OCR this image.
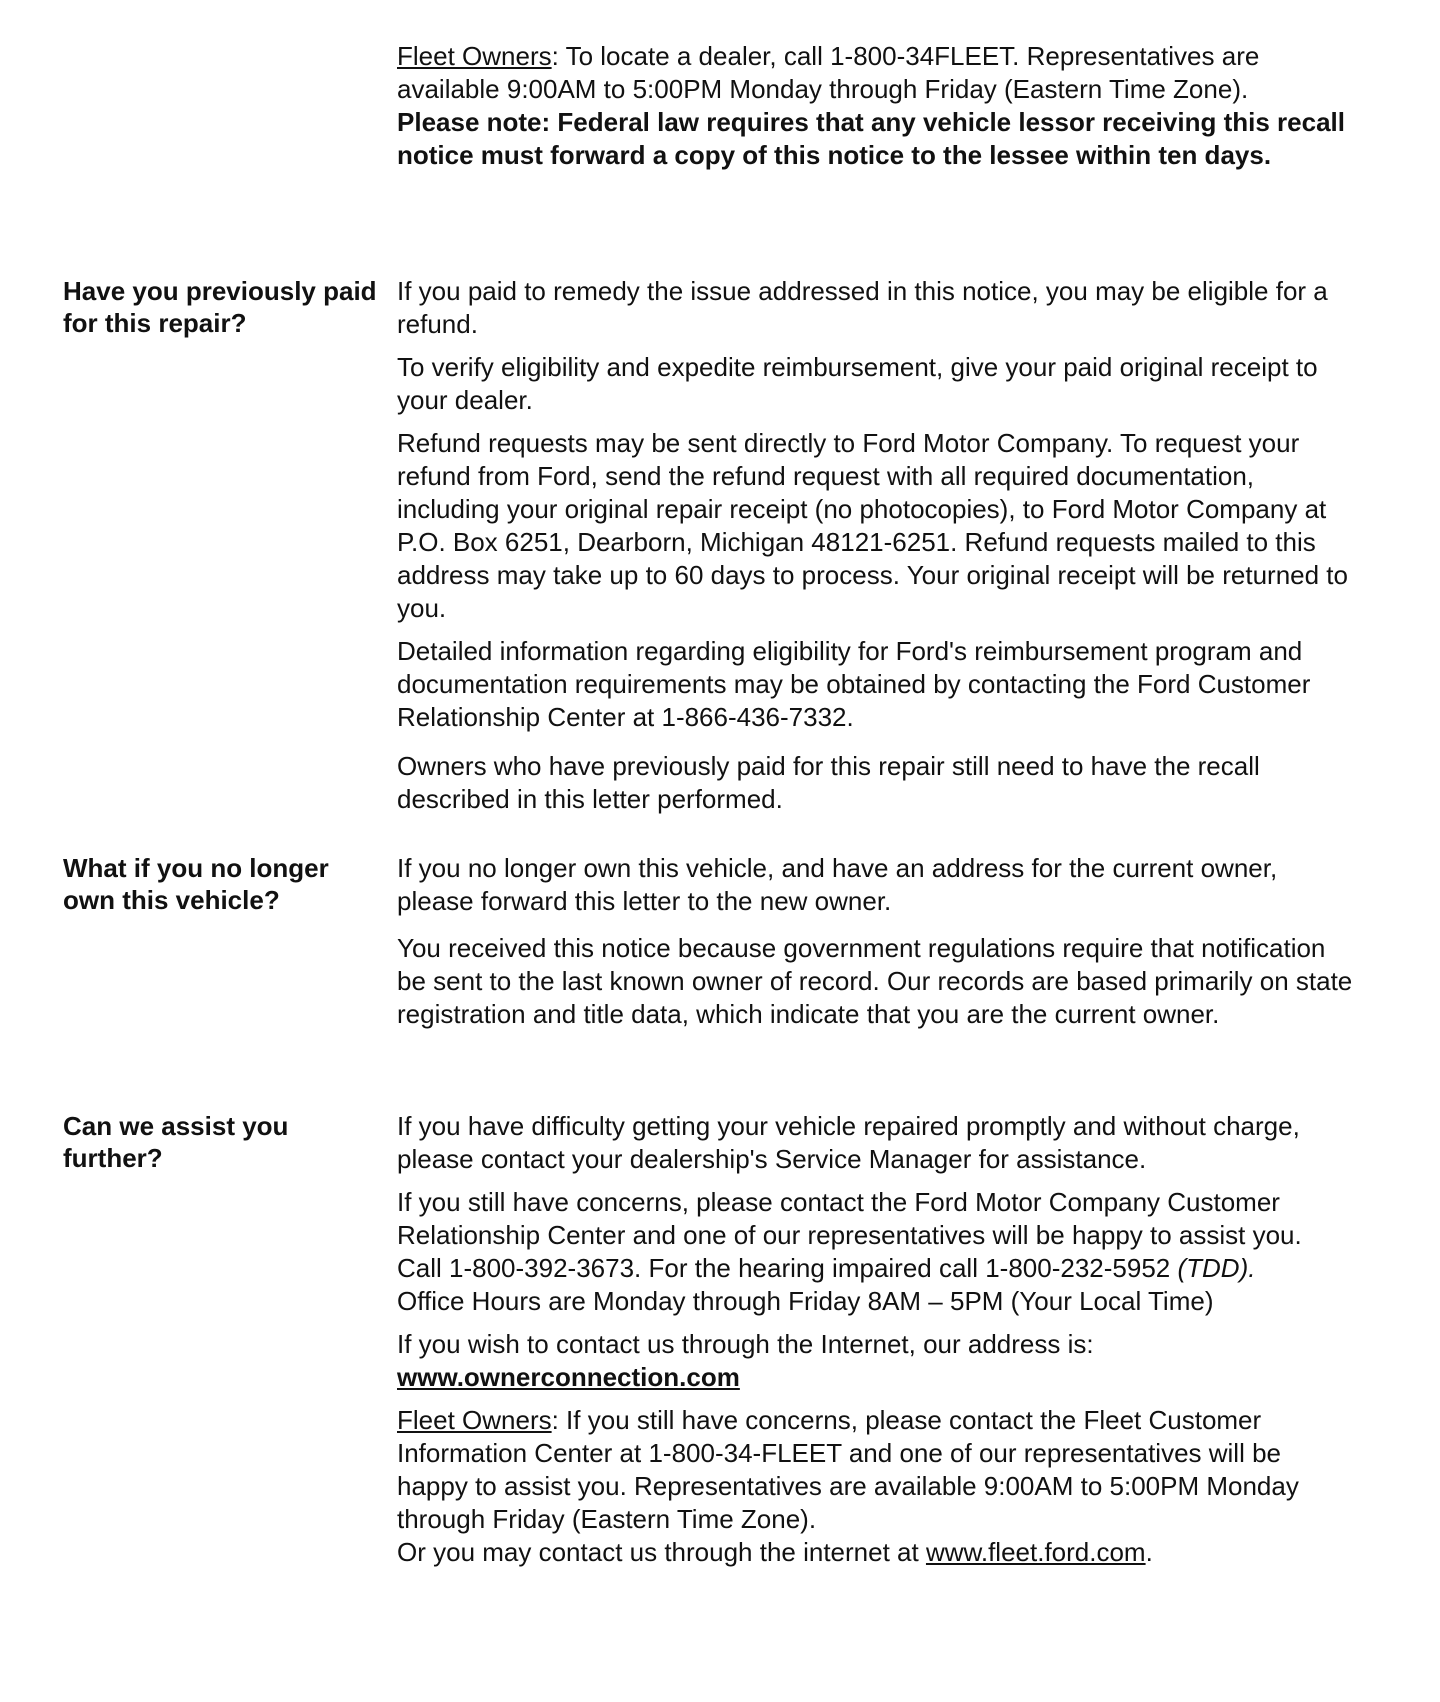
Fleet Owners: To locate a dealer, call 1-800-34FLEET. Representatives are available 9:00AM to 5:00PM Monday through Friday (Eastern Time Zone).

Please note: Federal law requires that any vehicle lessor receiving this recall notice must forward a copy of this notice to the lessee within ten days.

Have you previously paid for this repair?

If you paid to remedy the issue addressed in this notice, you may be eligible for a refund.

To verify eligibility and expedite reimbursement, give your paid original receipt to your dealer.

Refund requests may be sent directly to Ford Motor Company. To request your refund from Ford, send the refund request with all required documentation, including your original repair receipt (no photocopies), to Ford Motor Company at P.O. Box 6251, Dearborn, Michigan 48121-6251. Refund requests mailed to this address may take up to 60 days to process. Your original receipt will be returned to you.

Detailed information regarding eligibility for Ford's reimbursement program and documentation requirements may be obtained by contacting the Ford Customer Relationship Center at 1-866-436-7332.

Owners who have previously paid for this repair still need to have the recall described in this letter performed.

What if you no longer own this vehicle?

If you no longer own this vehicle, and have an address for the current owner, please forward this letter to the new owner.

You received this notice because government regulations require that notification be sent to the last known owner of record. Our records are based primarily on state registration and title data, which indicate that you are the current owner.

Can we assist you further?

If you have difficulty getting your vehicle repaired promptly and without charge, please contact your dealership's Service Manager for assistance.

If you still have concerns, please contact the Ford Motor Company Customer Relationship Center and one of our representatives will be happy to assist you.

Call 1-800-392-3673. For the hearing impaired call 1-800-232-5952 (TDD).

Office Hours are Monday through Friday 8AM – 5PM (Your Local Time)

If you wish to contact us through the Internet, our address is:
www.ownerconnection.com

Fleet Owners: If you still have concerns, please contact the Fleet Customer Information Center at 1-800-34-FLEET and one of our representatives will be happy to assist you. Representatives are available 9:00AM to 5:00PM Monday through Friday (Eastern Time Zone).
Or you may contact us through the internet at www.fleet.ford.com.
